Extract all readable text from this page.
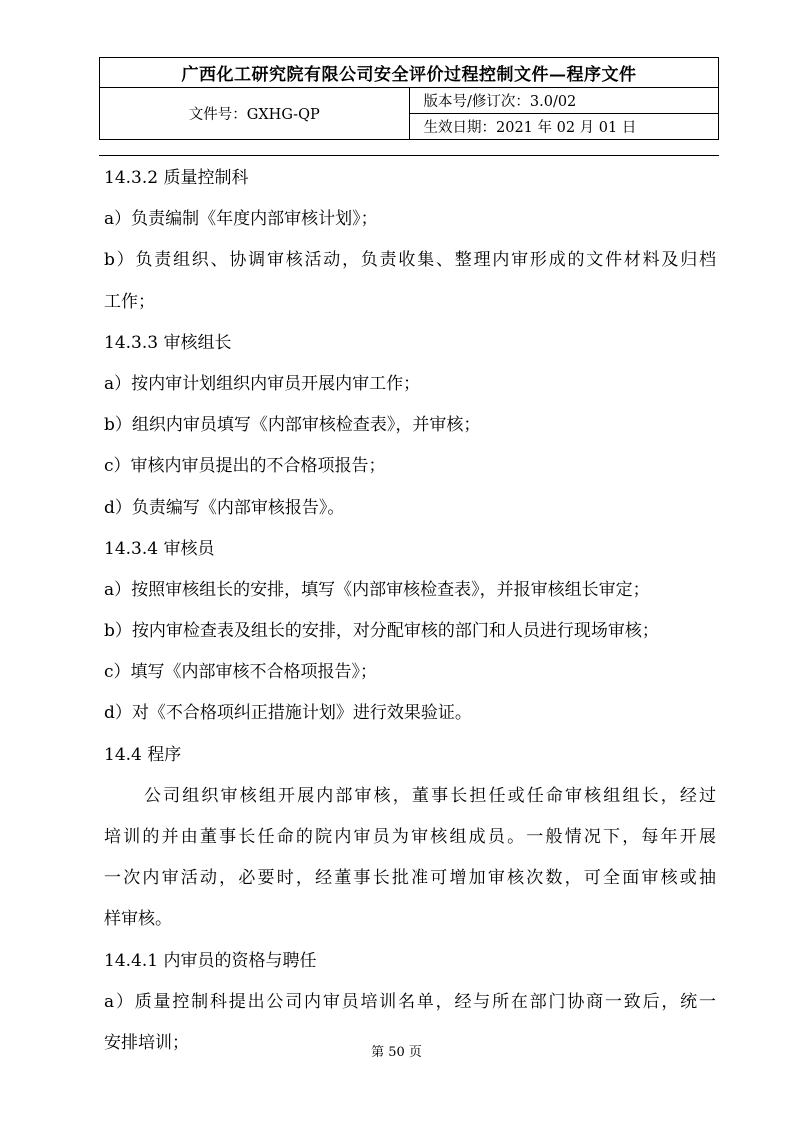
广西化工研究院有限公司安全评价过程控制文件—程序文件
文件号：GXHG-QP	版本号/修订次：3.0/02
生效日期：2021 年 02 月 01 日
14.3.2 质量控制科
a）负责编制《年度内部审核计划》；
b）负责组织、协调审核活动，负责收集、整理内审形成的文件材料及归档
工作；
14.3.3 审核组长
a）按内审计划组织内审员开展内审工作；
b）组织内审员填写《内部审核检查表》，并审核；
c）审核内审员提出的不合格项报告；
d）负责编写《内部审核报告》。
14.3.4 审核员
a）按照审核组长的安排，填写《内部审核检查表》，并报审核组长审定；
b）按内审检查表及组长的安排，对分配审核的部门和人员进行现场审核；
c）填写《内部审核不合格项报告》；
d）对《不合格项纠正措施计划》进行效果验证。
14.4 程序
公司组织审核组开展内部审核，董事长担任或任命审核组组长，经过
培训的并由董事长任命的院内审员为审核组成员。一般情况下，每年开展
一次内审活动，必要时，经董事长批准可增加审核次数，可全面审核或抽
样审核。
14.4.1 内审员的资格与聘任
a）质量控制科提出公司内审员培训名单，经与所在部门协商一致后，统一
安排培训；	第 50 页
